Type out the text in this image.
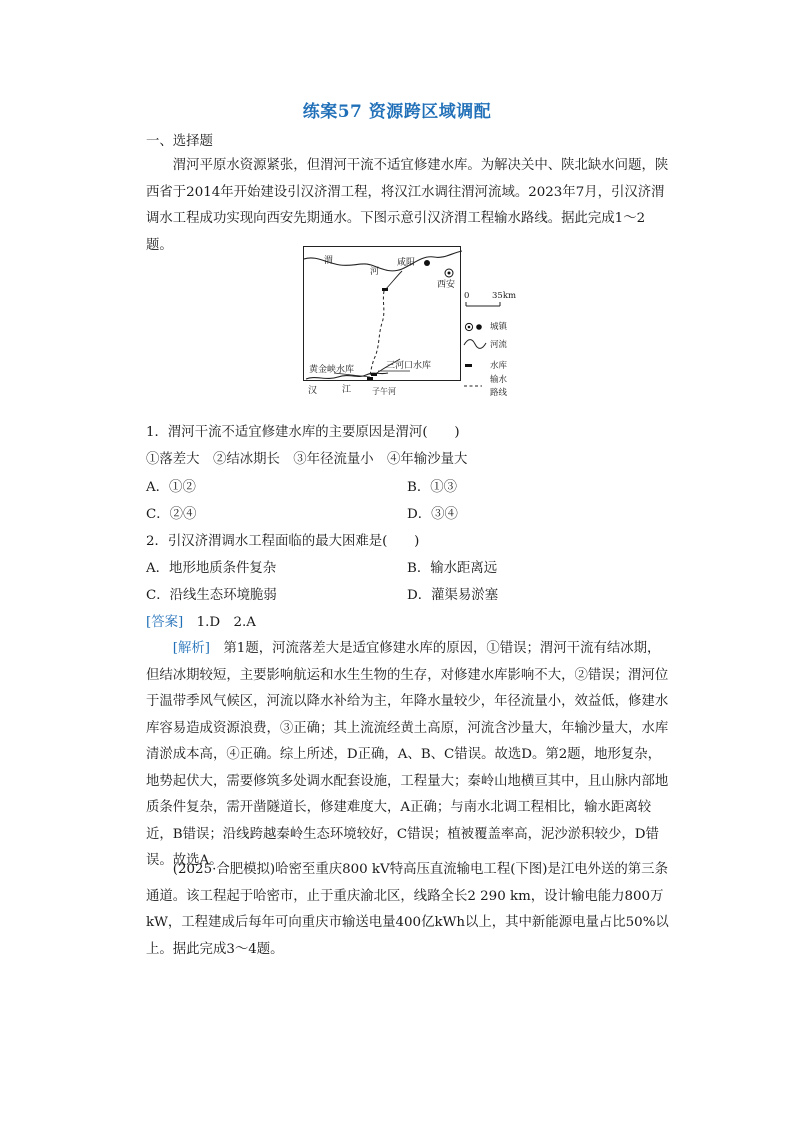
练案57 资源跨区域调配
一、选择题
渭河平原水资源紧张，但渭河干流不适宜修建水库。为解决关中、陕北缺水问题，陕西省于2014年开始建设引汉济渭工程，将汉江水调往渭河流域。2023年7月，引汉济渭调水工程成功实现向西安先期通水。下图示意引汉济渭工程输水路线。据此完成1～2题。
渭
河
咸阳
西安
黄金峡水库	三河口水库
汉	江	子午河
0	35km
城镇
河流
水库
输水
路线
1．渭河干流不适宜修建水库的主要原因是渭河(　　)
①落差大　②结冰期长　③年径流量小　④年输沙量大
A．①②	B．①③
C．②④	D．③④
2．引汉济渭调水工程面临的最大困难是(　　)
A．地形地质条件复杂	B．输水距离远
C．沿线生态环境脆弱	D．灌渠易淤塞
[答案]　1.D　2.A
[解析]　第1题，河流落差大是适宜修建水库的原因，①错误；渭河干流有结冰期，但结冰期较短，主要影响航运和水生生物的生存，对修建水库影响不大，②错误；渭河位于温带季风气候区，河流以降水补给为主，年降水量较少，年径流量小，效益低，修建水库容易造成资源浪费，③正确；其上流流经黄土高原，河流含沙量大，年输沙量大，水库清淤成本高，④正确。综上所述，D正确，A、B、C错误。故选D。第2题，地形复杂，地势起伏大，需要修筑多处调水配套设施，工程量大；秦岭山地横亘其中，且山脉内部地质条件复杂，需开凿隧道长，修建难度大，A正确；与南水北调工程相比，输水距离较近，B错误；沿线跨越秦岭生态环境较好，C错误；植被覆盖率高，泥沙淤积较少，D错误。故选A。
(2025·合肥模拟)哈密至重庆800 kV特高压直流输电工程(下图)是江电外送的第三条通道。该工程起于哈密市，止于重庆渝北区，线路全长2 290 km，设计输电能力800万kW，工程建成后每年可向重庆市输送电量400亿kWh以上，其中新能源电量占比50%以上。据此完成3～4题。
